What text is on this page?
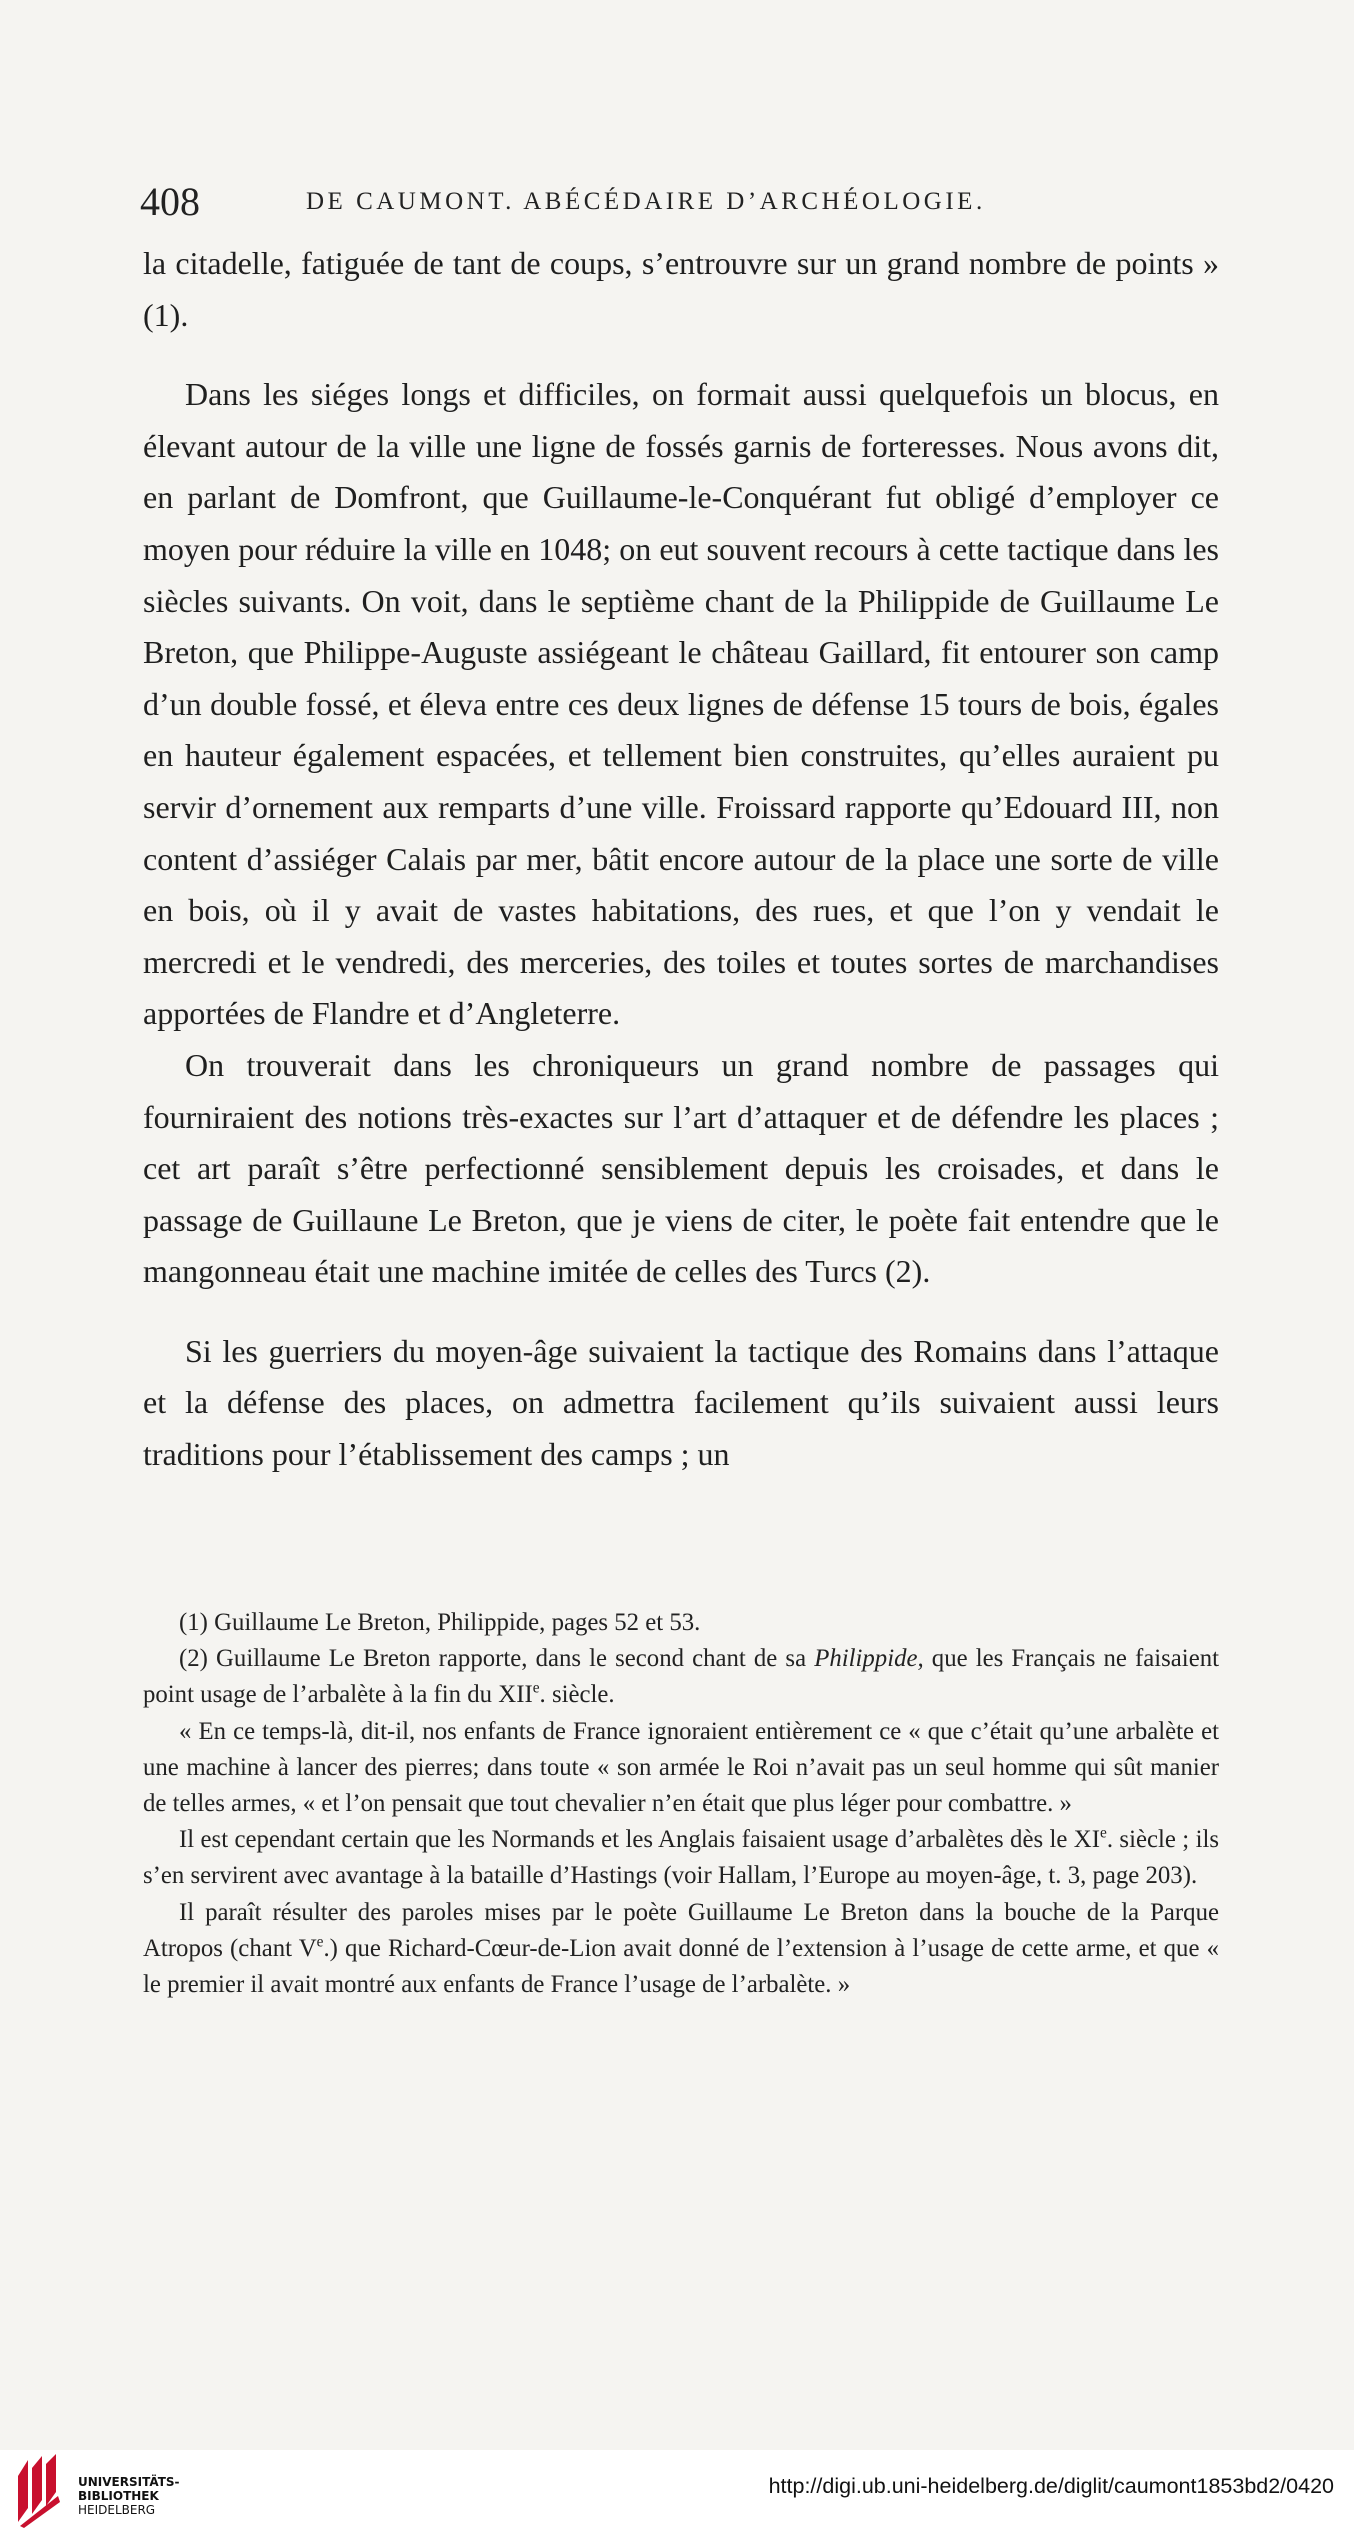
408	DE CAUMONT. ABÉCÉDAIRE D’ARCHÉOLOGIE.

la citadelle, fatiguée de tant de coups, s’entrouvre sur un grand nombre de points » (1).

Dans les siéges longs et difficiles, on formait aussi quelquefois un blocus, en élevant autour de la ville une ligne de fossés garnis de forteresses. Nous avons dit, en parlant de Domfront, que Guillaume-le-Conquérant fut obligé d’employer ce moyen pour réduire la ville en 1048; on eut souvent recours à cette tactique dans les siècles suivants. On voit, dans le septième chant de la Philippide de Guillaume Le Breton, que Philippe-Auguste assiégeant le château Gaillard, fit entourer son camp d’un double fossé, et éleva entre ces deux lignes de défense 15 tours de bois, égales en hauteur également espacées, et tellement bien construites, qu’elles auraient pu servir d’ornement aux remparts d’une ville. Froissard rapporte qu’Edouard III, non content d’assiéger Calais par mer, bâtit encore autour de la place une sorte de ville en bois, où il y avait de vastes habitations, des rues, et que l’on y vendait le mercredi et le vendredi, des merceries, des toiles et toutes sortes de marchandises apportées de Flandre et d’Angleterre.

On trouverait dans les chroniqueurs un grand nombre de passages qui fourniraient des notions très-exactes sur l’art d’attaquer et de défendre les places ; cet art paraît s’être perfectionné sensiblement depuis les croisades, et dans le passage de Guillaune Le Breton, que je viens de citer, le poète fait entendre que le mangonneau était une machine imitée de celles des Turcs (2).

Si les guerriers du moyen-âge suivaient la tactique des Romains dans l’attaque et la défense des places, on admettra facilement qu’ils suivaient aussi leurs traditions pour l’établissement des camps ; un

(1) Guillaume Le Breton, Philippide, pages 52 et 53.

(2) Guillaume Le Breton rapporte, dans le second chant de sa Philippide, que les Français ne faisaient point usage de l’arbalète à la fin du XIIe. siècle.

« En ce temps-là, dit-il, nos enfants de France ignoraient entièrement ce « que c’était qu’une arbalète et une machine à lancer des pierres; dans toute « son armée le Roi n’avait pas un seul homme qui sût manier de telles armes, « et l’on pensait que tout chevalier n’en était que plus léger pour combattre. »

Il est cependant certain que les Normands et les Anglais faisaient usage d’arbalètes dès le XIe. siècle ; ils s’en servirent avec avantage à la bataille d’Hastings (voir Hallam, l’Europe au moyen-âge, t. 3, page 203).

Il paraît résulter des paroles mises par le poète Guillaume Le Breton dans la bouche de la Parque Atropos (chant Ve.) que Richard-Cœur-de-Lion avait donné de l’extension à l’usage de cette arme, et que « le premier il avait montré aux enfants de France l’usage de l’arbalète. »

UNIVERSITÄTS-
BIBLIOTHEK
HEIDELBERG
http://digi.ub.uni-heidelberg.de/diglit/caumont1853bd2/0420
